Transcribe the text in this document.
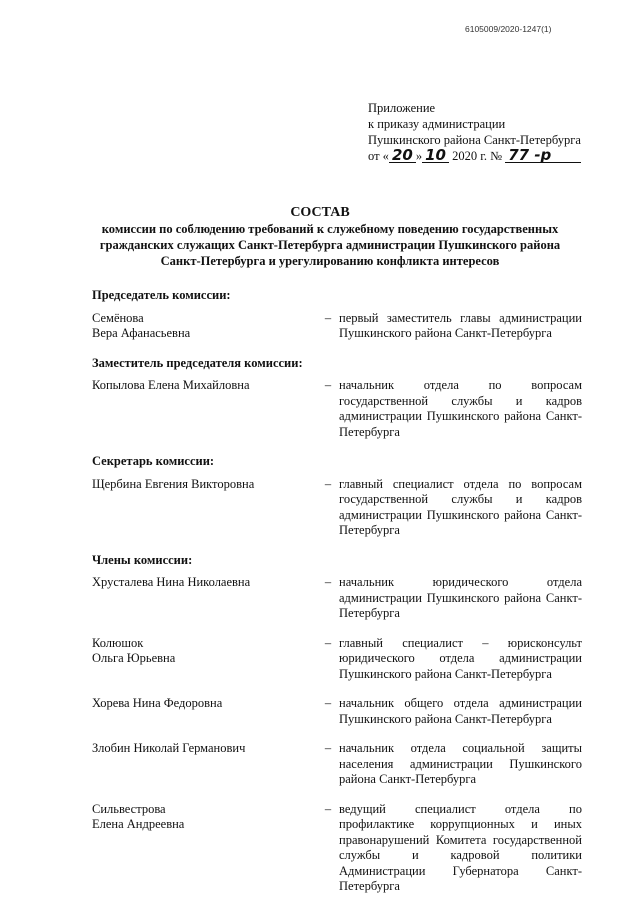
6105009/2020-1247(1)
Приложение
к приказу администрации
Пушкинского района Санкт-Петербурга
от « 20 » 10 2020 г. № 77 -р
СОСТАВ
комиссии по соблюдению требований к служебному поведению государственных гражданских служащих Санкт-Петербурга администрации Пушкинского района Санкт-Петербурга и урегулированию конфликта интересов
Председатель комиссии:
Семёнова
Вера Афанасьевна
– первый заместитель главы администрации Пушкинского района Санкт-Петербурга
Заместитель председателя комиссии:
Копылова Елена Михайловна	– начальник отдела по вопросам государственной службы и кадров администрации Пушкинского района Санкт-Петербурга
Секретарь комиссии:
Щербина Евгения Викторовна	– главный специалист отдела по вопросам государственной службы и кадров администрации Пушкинского района Санкт-Петербурга
Члены комиссии:
Хрусталева Нина Николаевна	– начальник юридического отдела администрации Пушкинского района Санкт-Петербурга
Колюшок
Ольга Юрьевна
– главный специалист – юрисконсульт юридического отдела администрации Пушкинского района Санкт-Петербурга
Хорева Нина Федоровна	– начальник общего отдела администрации Пушкинского района Санкт-Петербурга
Злобин Николай Германович	– начальник отдела социальной защиты населения администрации Пушкинского района Санкт-Петербурга
Сильвестрова
Елена Андреевна
– ведущий специалист отдела по профилактике коррупционных и иных правонарушений Комитета государственной службы и кадровой политики Администрации Губернатора Санкт-Петербурга
